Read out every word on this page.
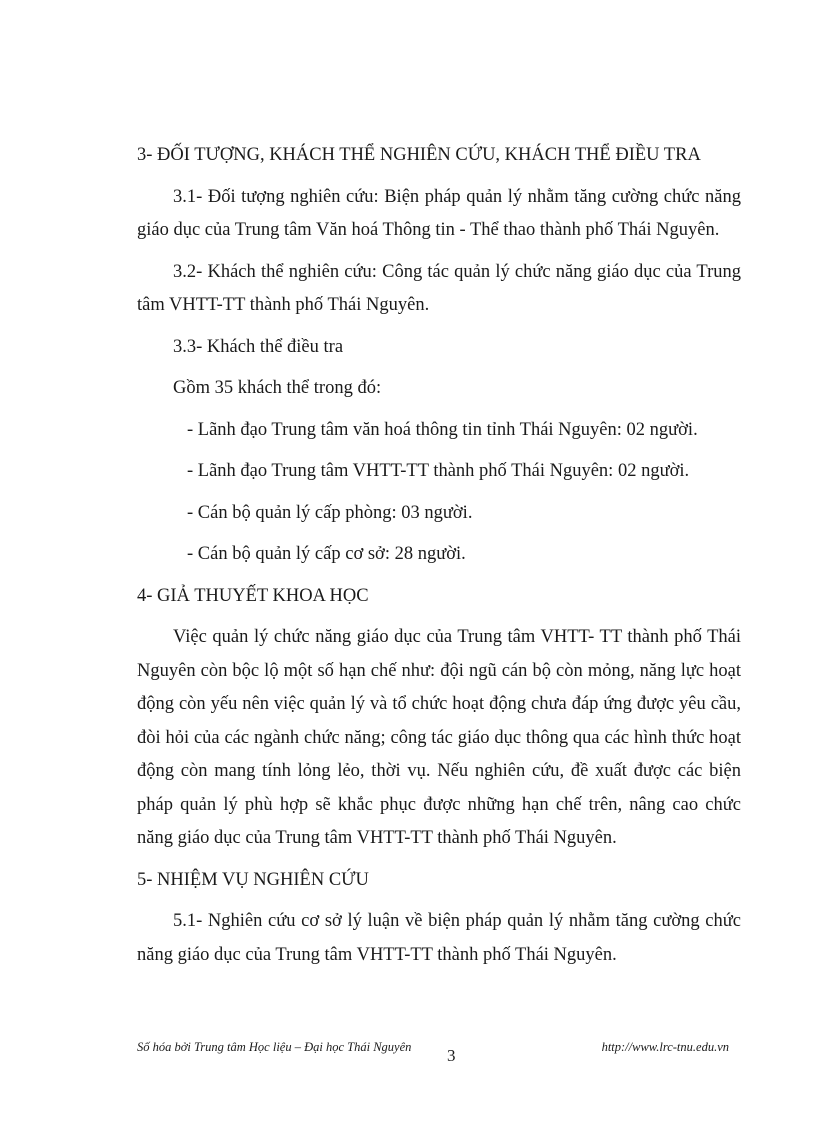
3- ĐỐI TƯỢNG, KHÁCH THỂ NGHIÊN CỨU, KHÁCH THỂ ĐIỀU TRA

3.1- Đối tượng nghiên cứu: Biện pháp quản lý nhằm tăng cường chức năng giáo dục của Trung tâm Văn hoá Thông tin - Thể thao thành phố Thái Nguyên.

3.2- Khách thể nghiên cứu: Công tác quản lý chức năng giáo dục của Trung tâm VHTT-TT thành phố Thái Nguyên.

3.3- Khách thể điều tra

Gồm 35 khách thể trong đó:

- Lãnh đạo Trung tâm văn hoá thông tin tỉnh Thái Nguyên: 02 người.

- Lãnh đạo Trung tâm VHTT-TT thành phố Thái Nguyên: 02 người.

- Cán bộ quản lý cấp phòng: 03 người.

- Cán bộ quản lý cấp cơ sở: 28 người.

4- GIẢ THUYẾT KHOA HỌC

Việc quản lý chức năng giáo dục của Trung tâm VHTT- TT thành phố Thái Nguyên còn bộc lộ một số hạn chế như: đội ngũ cán bộ còn mỏng, năng lực hoạt động còn yếu nên việc quản lý và tổ chức hoạt động chưa đáp ứng được yêu cầu, đòi hỏi của các ngành chức năng; công tác giáo dục thông qua các hình thức hoạt động còn mang tính lỏng lẻo, thời vụ. Nếu nghiên cứu, đề xuất được các biện pháp quản lý phù hợp sẽ khắc phục được những hạn chế trên, nâng cao chức năng giáo dục của Trung tâm VHTT-TT thành phố Thái Nguyên.

5- NHIỆM VỤ NGHIÊN CỨU

5.1- Nghiên cứu cơ sở lý luận về biện pháp quản lý nhằm tăng cường chức năng giáo dục của Trung tâm VHTT-TT thành phố Thái Nguyên.

Số hóa bởi Trung tâm Học liệu – Đại học Thái Nguyên 3	http://www.lrc-tnu.edu.vn
